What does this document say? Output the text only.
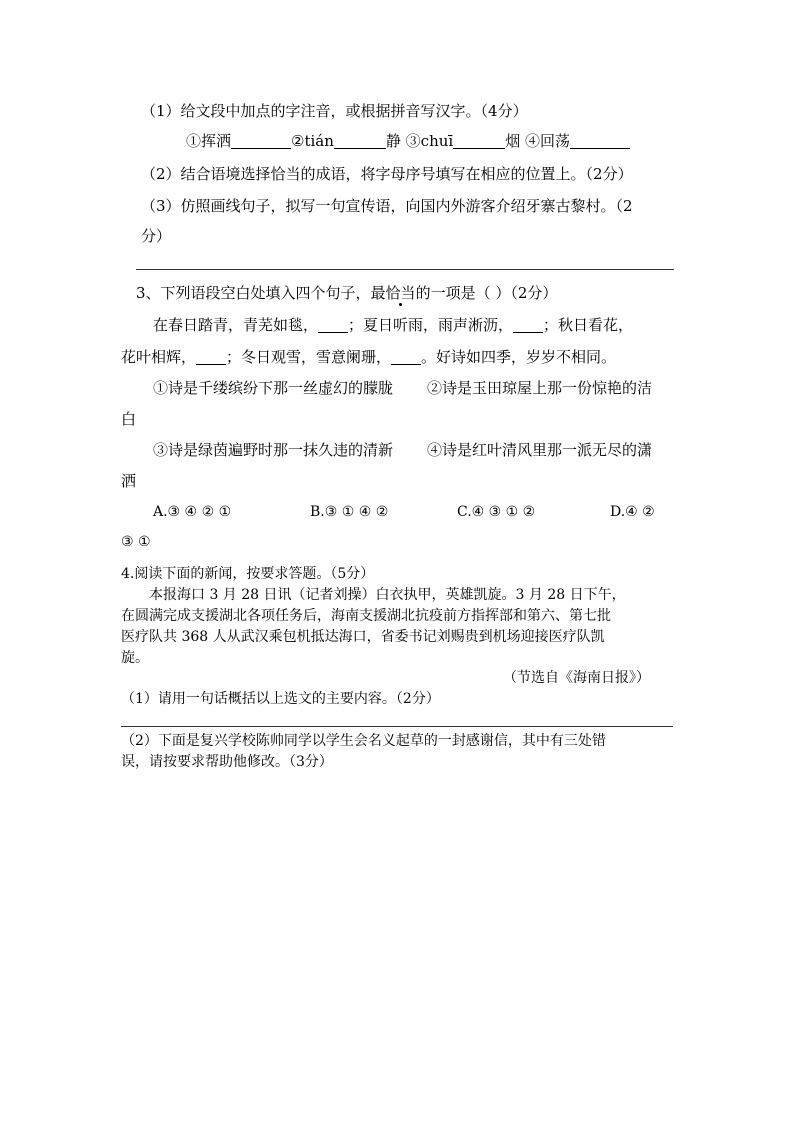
（1）给文段中加点的字注音，或根据拼音写汉字。（4分）

①挥洒	②tián	静 ③chuī	烟 ④回荡

（2）结合语境选择恰当的成语，将字母序号填写在相应的位置上。（2分）

（3）仿照画线句子，拟写一句宣传语，向国内外游客介绍牙寨古黎村。（2

分）

3、下列语段空白处填入四个句子，最恰当的一项是（ ）（2分）

在春日踏青，青芜如毯， ；夏日听雨，雨声淅沥， ；秋日看花，

花叶相辉， ；冬日观雪，雪意阑珊， 。好诗如四季，岁岁不相同。

①诗是千缕缤纷下那一丝虚幻的朦胧 ②诗是玉田琼屋上那一份惊艳的洁

白

③诗是绿茵遍野时那一抹久违的清新 ④诗是红叶清风里那一派无尽的潇

洒

A.③ ④ ② ①	B.③ ① ④ ②	C.④ ③ ① ②	D.④ ②

③ ①

4.阅读下面的新闻，按要求答题。（5分）

本报海口 3 月 28 日讯（记者刘操）白衣执甲，英雄凯旋。3 月 28 日下午，

在圆满完成支援湖北各项任务后，海南支援湖北抗疫前方指挥部和第六、第七批

医疗队共 368 人从武汉乘包机抵达海口，省委书记刘赐贵到机场迎接医疗队凯

旋。

（节选自《海南日报》）

（1）请用一句话概括以上选文的主要内容。（2分）

（2）下面是复兴学校陈帅同学以学生会名义起草的一封感谢信，其中有三处错

误，请按要求帮助他修改。（3分）
